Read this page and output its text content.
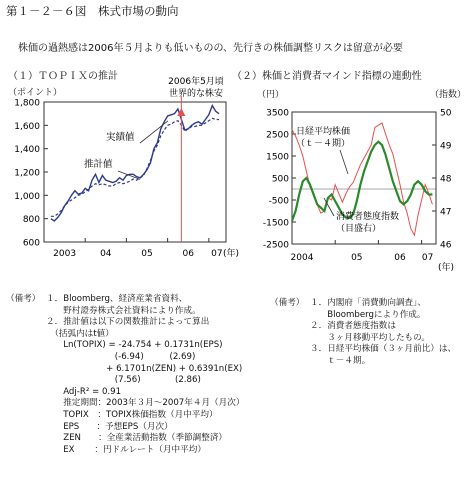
第１－２－６図　株式市場の動向
株価の過熱感は2006年５月よりも低いものの、先行きの株価調整リスクは留意が必要
（１）ＴＯＰＩＸの推計
（ポイント）
（２）株価と消費者マインド指標の連動性
（円）	（指数）
1,800
1,600
1,400
1,200
1,000
800
600
2003	04	05	06 07 (年)
実績値
推計値
2006年5月頃
世界的な株安
3500
2500
1500
500
-500
-1500
-2500
50
49
48
47
46
2004	05	06 07
(年)
日経平均株価
（ｔ－４期）
消費者態度指数
（目盛右）

（備考）

１．Bloomberg、経済産業省資料、
　　野村證券株式会社資料により作成。
２．推計値は以下の関数推計によって算出
　（括弧内はt値）
　　Ln(TOPIX) = -24.754 + 0.1731n(EPS)
　　　　　　　　(-6.94)　　　(2.69)
　　　　　　　+ 6.1701n(ZEN) + 0.6391n(EX)
　　　　　　　　(7.56)　　　　(2.86)
　　Adj-R² = 0.91
　　推定期間：2003年３月～2007年４月（月次）
　　TOPIX　：TOPIX株価指数（月中平均）
　　EPS　　：予想EPS（月次）
　　ZEN　　：全産業活動指数（季節調整済）
　　EX　　 ：円ドルレート（月中平均）

（備考）

１．内閣府「消費動向調査」、
　　Bloombergにより作成。
２．消費者態度指数は
　　３ヶ月移動平均したもの。
３．日経平均株価（３ヶ月前比）は、
　　ｔ－４期。
